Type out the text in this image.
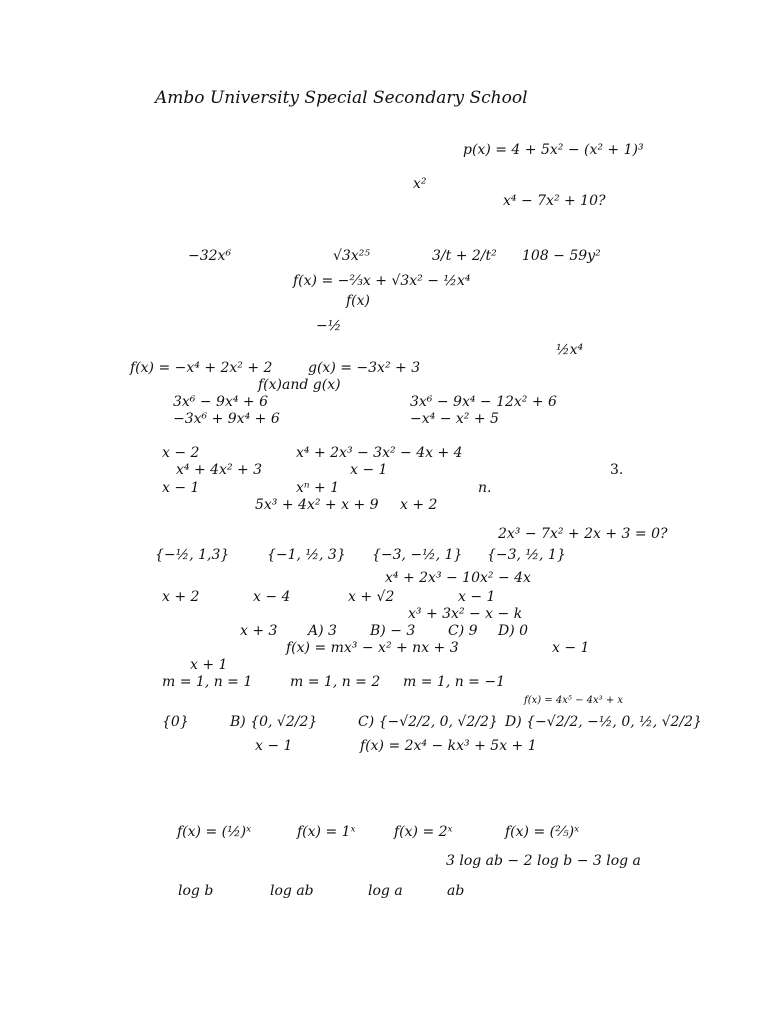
Ambo University Special Secondary School
p(x) = 4 + 5x² − (x² + 1)³
x²
x⁴ − 7x² + 10?
−32x⁶	√3x²⁵	3/t + 2/t² 108 − 59y²
f(x) = −⅔x + √3x² − ½x⁴
f(x)
−½
½x⁴
f(x) = −x⁴ + 2x² + 2	g(x) = −3x² + 3
f(x)and g(x)
3x⁶ − 9x⁴ + 6	3x⁶ − 9x⁴ − 12x² + 6
−3x⁶ + 9x⁴ + 6	−x⁴ − x² + 5
x − 2	x⁴ + 2x³ − 3x² − 4x + 4
x⁴ + 4x² + 3	x − 1	3.
x − 1	xⁿ + 1	n.
5x³ + 4x² + x + 9 x + 2
2x³ − 7x² + 2x + 3 = 0?
{−½, 1,3}	{−1, ½, 3} {−3, −½, 1} {−3, ½, 1}
x⁴ + 2x³ − 10x² − 4x
x + 2	x − 4	x + √2	x − 1
x³ + 3x² − x − k
x + 3 A) 3 B) − 3 C) 9 D) 0
f(x) = mx³ − x² + nx + 3	x − 1
x + 1
m = 1, n = 1	m = 1, n = 2 m = 1, n = −1
f(x) = 4x⁵ − 4x³ + x
{0}	B) {0, √2/2}	C) {−√2/2, 0, √2/2} D) {−√2/2, −½, 0, ½, √2/2}
x − 1	f(x) = 2x⁴ − kx³ + 5x + 1
f(x) = (½)ˣ	f(x) = 1ˣ	f(x) = 2ˣ	f(x) = (⅖)ˣ
3 log ab − 2 log b − 3 log a
log b	log ab	log a	ab
